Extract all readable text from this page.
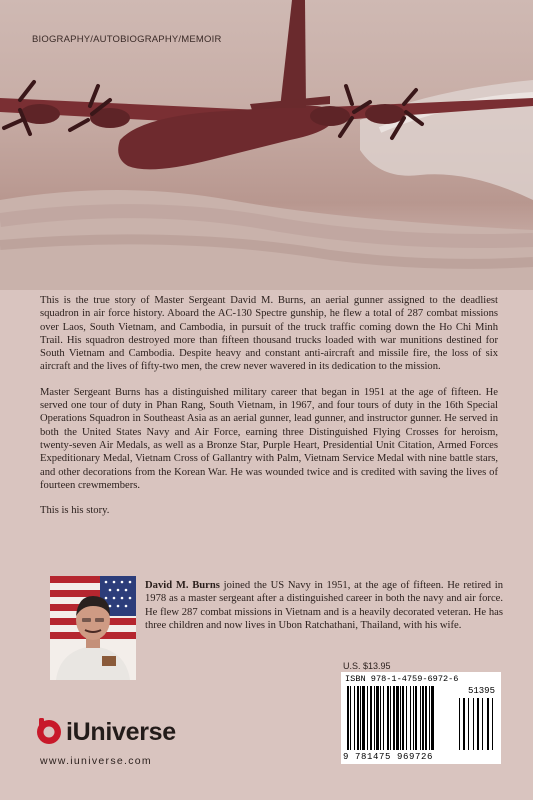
BIOGRAPHY/AUTOBIOGRAPHY/MEMOIR

This is the true story of Master Sergeant David M. Burns, an aerial gunner assigned to the deadliest squadron in air force history. Aboard the AC-130 Spectre gunship, he flew a total of 287 combat missions over Laos, South Vietnam, and Cambodia, in pursuit of the truck traffic coming down the Ho Chi Minh Trail. His squadron destroyed more than fifteen thousand trucks loaded with war munitions destined for South Vietnam and Cambodia. Despite heavy and constant anti-aircraft and missile fire, the loss of six aircraft and the lives of fifty-two men, the crew never wavered in its dedication to the mission.

Master Sergeant Burns has a distinguished military career that began in 1951 at the age of fifteen. He served one tour of duty in Phan Rang, South Vietnam, in 1967, and four tours of duty in the 16th Special Operations Squadron in Southeast Asia as an aerial gunner, lead gunner, and instructor gunner. He served in both the United States Navy and Air Force, earning three Distinguished Flying Crosses for heroism, twenty-seven Air Medals, as well as a Bronze Star, Purple Heart, Presidential Unit Citation, Armed Forces Expeditionary Medal, Vietnam Cross of Gallantry with Palm, Vietnam Service Medal with nine battle stars, and other decorations from the Korean War. He was wounded twice and is credited with saving the lives of fourteen crewmembers.

This is his story.

David M. Burns joined the US Navy in 1951, at the age of fifteen. He retired in 1978 as a master sergeant after a distinguished career in both the navy and air force. He flew 287 combat missions in Vietnam and is a heavily decorated veteran. He has three children and now lives in Ubon Ratchathani, Thailand, with his wife.
U.S. $13.95
ISBN 978-1-4759-6972-6
51395
9 781475 969726
iUniverse
www.iuniverse.com
